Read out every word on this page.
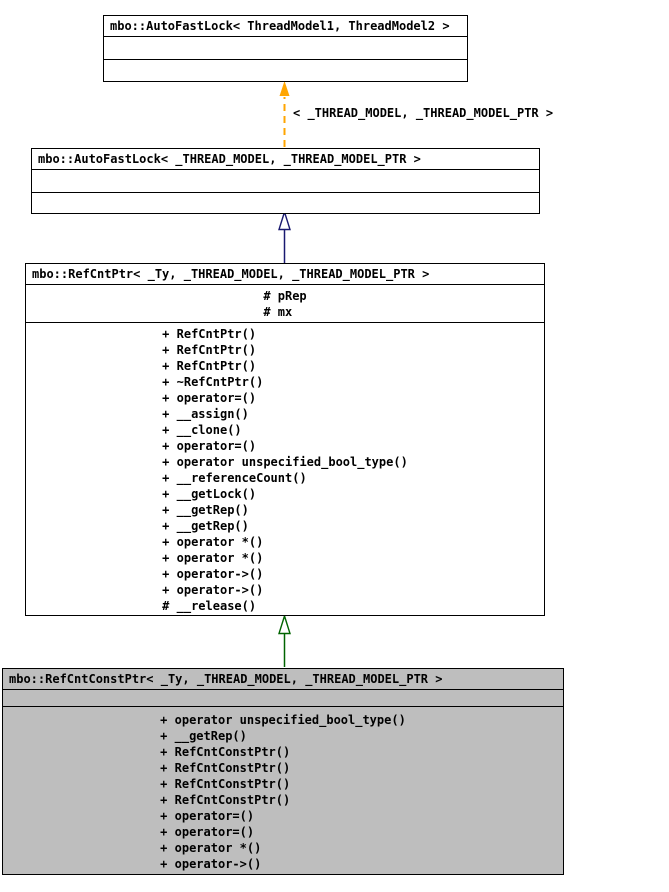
< _THREAD_MODEL, _THREAD_MODEL_PTR >
mbo::AutoFastLock< ThreadModel1, ThreadModel2 >
mbo::AutoFastLock< _THREAD_MODEL, _THREAD_MODEL_PTR >
mbo::RefCntPtr< _Ty, _THREAD_MODEL, _THREAD_MODEL_PTR >
# pRep
# mx
+ RefCntPtr()
+ RefCntPtr()
+ RefCntPtr()
+ ~RefCntPtr()
+ operator=()
+ __assign()
+ __clone()
+ operator=()
+ operator unspecified_bool_type()
+ __referenceCount()
+ __getLock()
+ __getRep()
+ __getRep()
+ operator *()
+ operator *()
+ operator->()
+ operator->()
# __release()
mbo::RefCntConstPtr< _Ty, _THREAD_MODEL, _THREAD_MODEL_PTR >
+ operator unspecified_bool_type()
+ __getRep()
+ RefCntConstPtr()
+ RefCntConstPtr()
+ RefCntConstPtr()
+ RefCntConstPtr()
+ operator=()
+ operator=()
+ operator *()
+ operator->()
